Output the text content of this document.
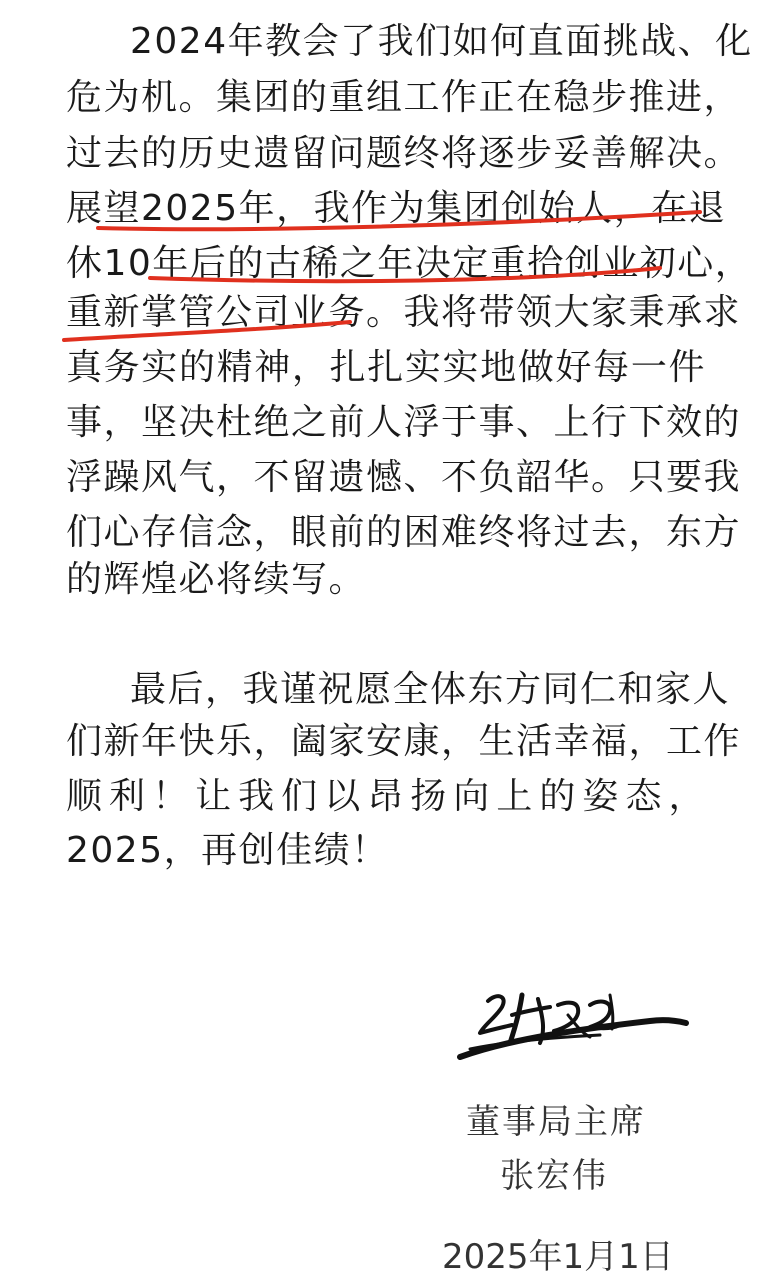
2024年教会了我们如何直面挑战、化
危为机。集团的重组工作正在稳步推进，
过去的历史遗留问题终将逐步妥善解决。
展望2025年，我作为集团创始人，在退
休10年后的古稀之年决定重拾创业初心，
重新掌管公司业务。我将带领大家秉承求
真务实的精神，扎扎实实地做好每一件
事，坚决杜绝之前人浮于事、上行下效的
浮躁风气，不留遗憾、不负韶华。只要我
们心存信念，眼前的困难终将过去，东方
的辉煌必将续写。
最后，我谨祝愿全体东方同仁和家人
们新年快乐，阖家安康，生活幸福，工作
顺利！让我们以昂扬向上的姿态，
2025，再创佳绩！
董事局主席
张宏伟
2025年1月1日
